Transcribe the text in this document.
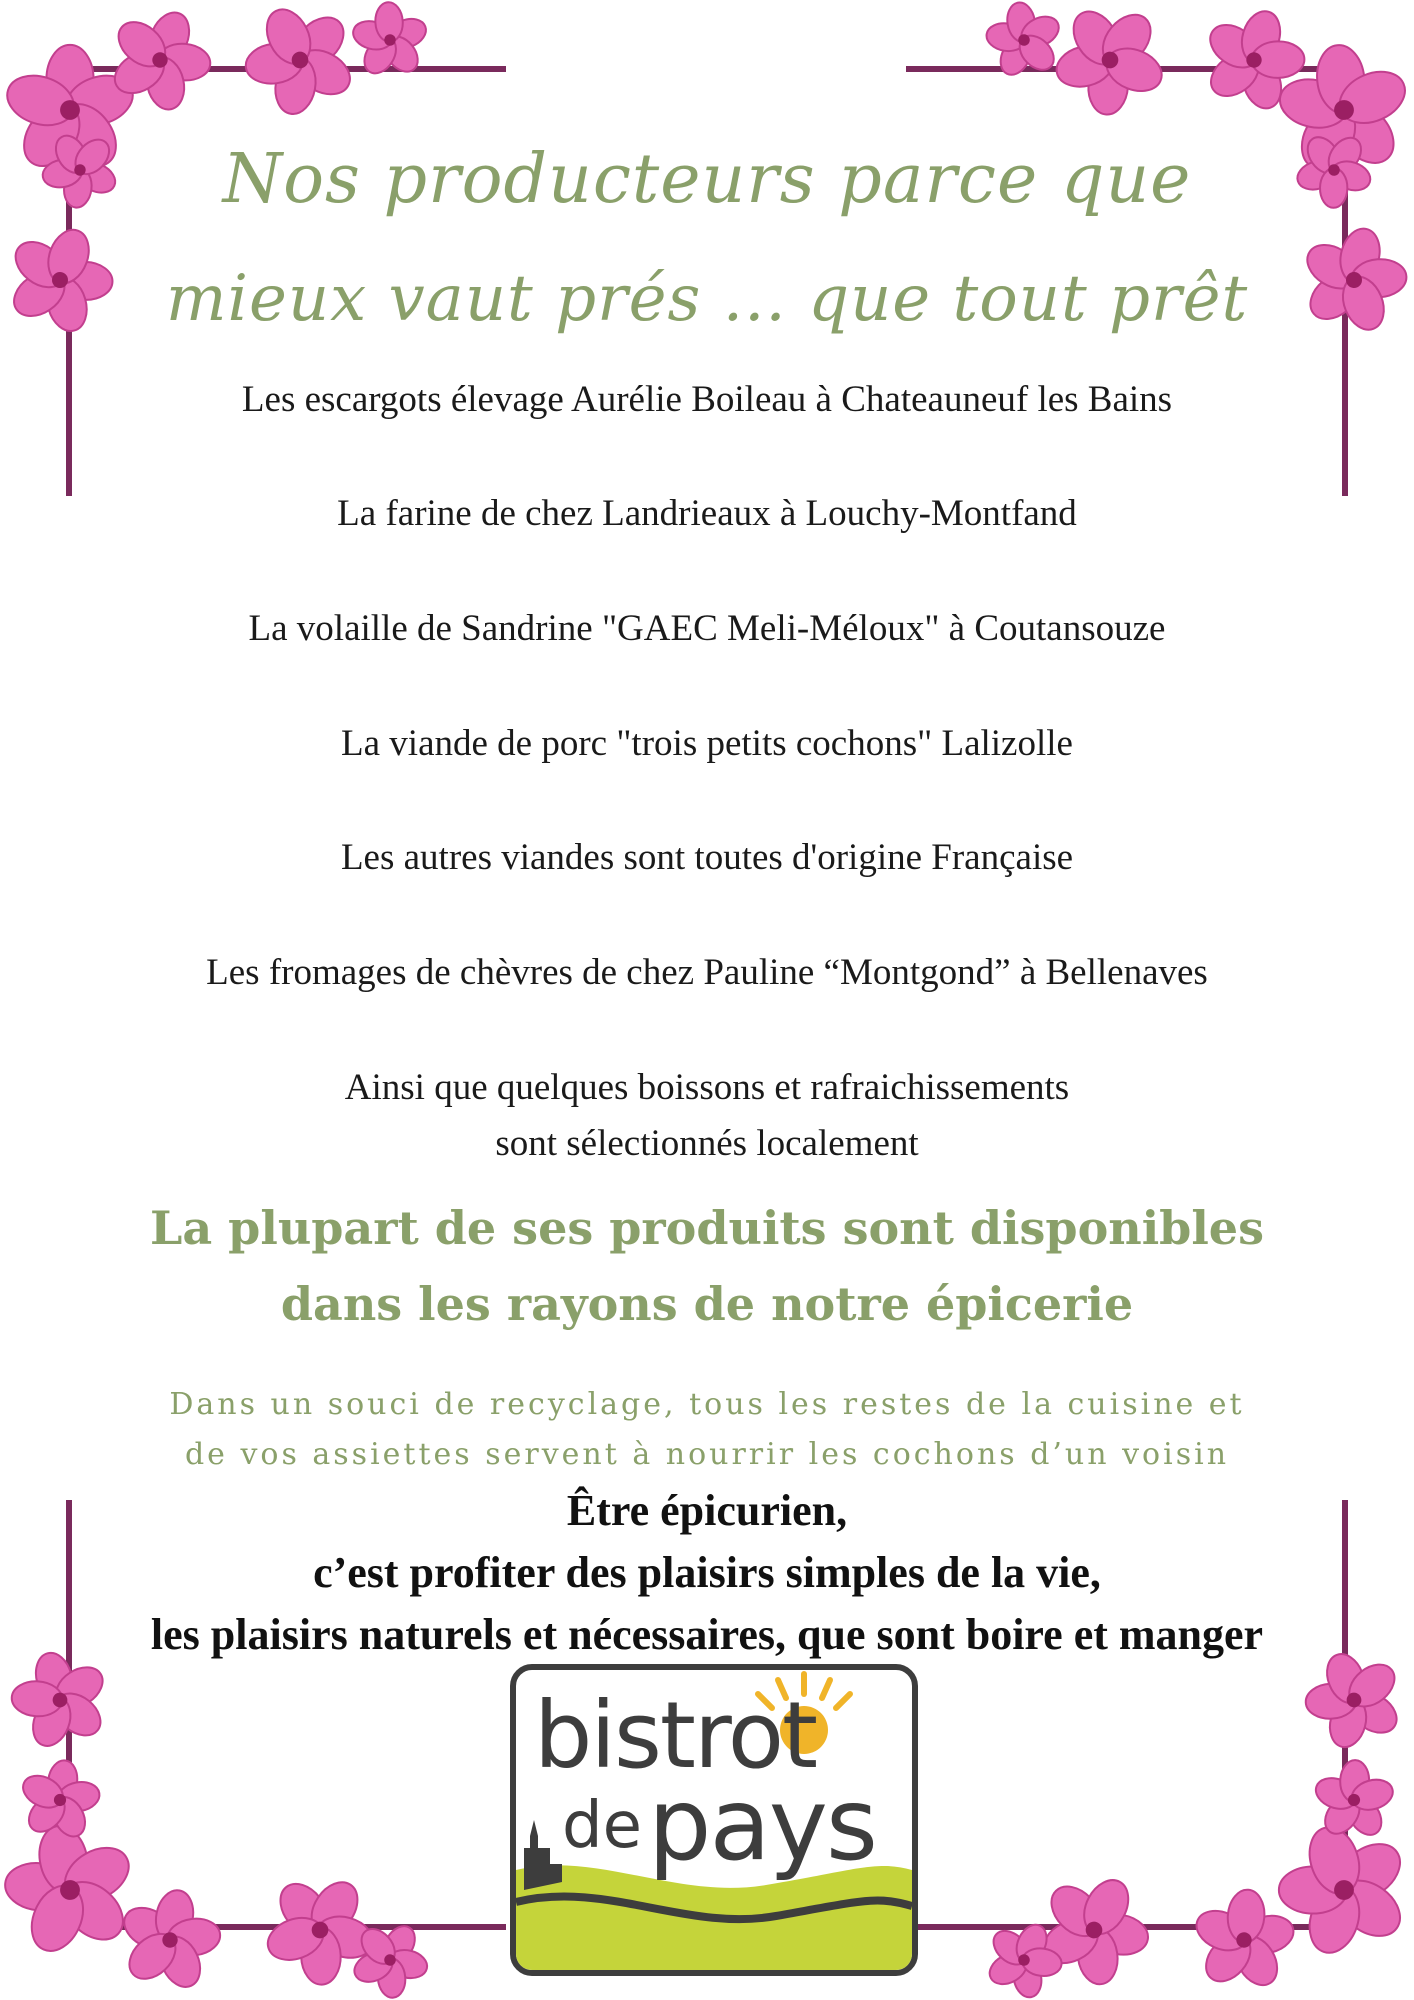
Nos producteurs parce que
mieux vaut prés ... que tout prêt
Les escargots élevage Aurélie Boileau à Chateauneuf les Bains
La farine de chez Landrieaux à Louchy-Montfand
La volaille de Sandrine "GAEC Meli-Méloux" à Coutansouze
La viande de porc "trois petits cochons" Lalizolle
Les autres viandes sont toutes d'origine Française
Les fromages de chèvres de chez Pauline “Montgond” à Bellenaves
Ainsi que quelques boissons et rafraichissements
sont sélectionnés localement
La plupart de ses produits sont disponibles
dans les rayons de notre épicerie
Dans un souci de recyclage, tous les restes de la cuisine et
de vos assiettes servent à nourrir les cochons d’un voisin
Être épicurien,
c’est profiter des plaisirs simples de la vie,
les plaisirs naturels et nécessaires, que sont boire et manger
bistrot
de pays
